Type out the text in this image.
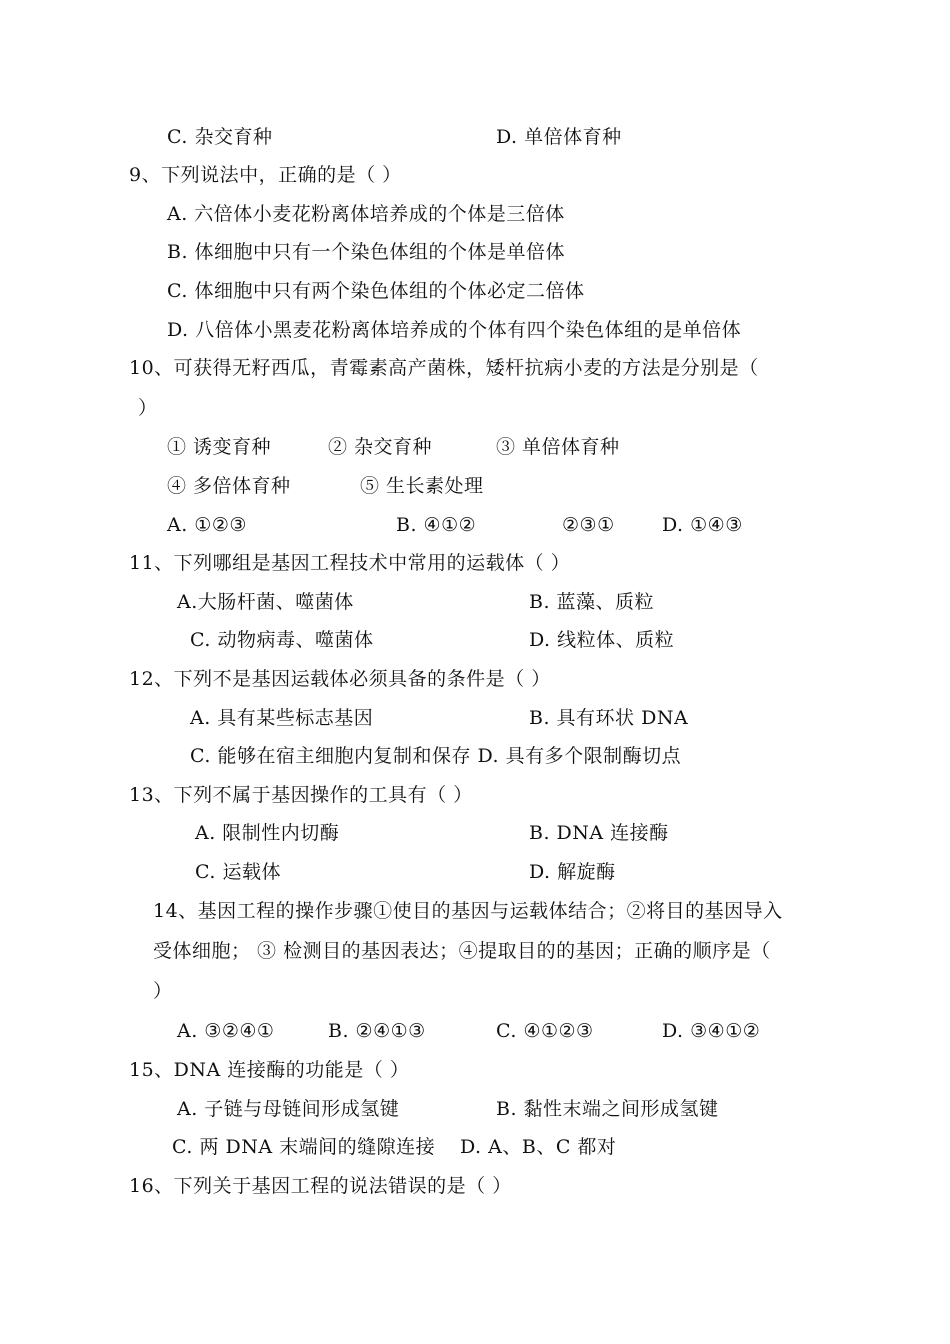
C. 杂交育种	D. 单倍体育种
9、下列说法中，正确的是（ ）
A. 六倍体小麦花粉离体培养成的个体是三倍体
B. 体细胞中只有一个染色体组的个体是单倍体
C. 体细胞中只有两个染色体组的个体必定二倍体
D. 八倍体小黑麦花粉离体培养成的个体有四个染色体组的是单倍体
10、可获得无籽西瓜，青霉素高产菌株，矮杆抗病小麦的方法是分别是（
）
① 诱变育种	② 杂交育种	③ 单倍体育种
④ 多倍体育种	⑤ 生长素处理
A. ①②③	B. ④①②	②③① D. ①④③
11、下列哪组是基因工程技术中常用的运载体（ ）
A.大肠杆菌、噬菌体	B. 蓝藻、质粒
C. 动物病毒、噬菌体	D. 线粒体、质粒
12、下列不是基因运载体必须具备的条件是（ ）
A. 具有某些标志基因	B. 具有环状 DNA
C. 能够在宿主细胞内复制和保存 D. 具有多个限制酶切点
13、下列不属于基因操作的工具有（ ）
A. 限制性内切酶	B. DNA 连接酶
C. 运载体	D. 解旋酶
14、基因工程的操作步骤①使目的基因与运载体结合；②将目的基因导入
受体细胞； ③ 检测目的基因表达；④提取目的的基因；正确的顺序是（
）
A. ③②④①	B. ②④①③	C. ④①②③	D. ③④①②
15、DNA 连接酶的功能是（ ）
A. 子链与母链间形成氢键	B. 黏性末端之间形成氢键
C. 两 DNA 末端间的缝隙连接 D. A、B、C 都对
16、下列关于基因工程的说法错误的是（ ）
